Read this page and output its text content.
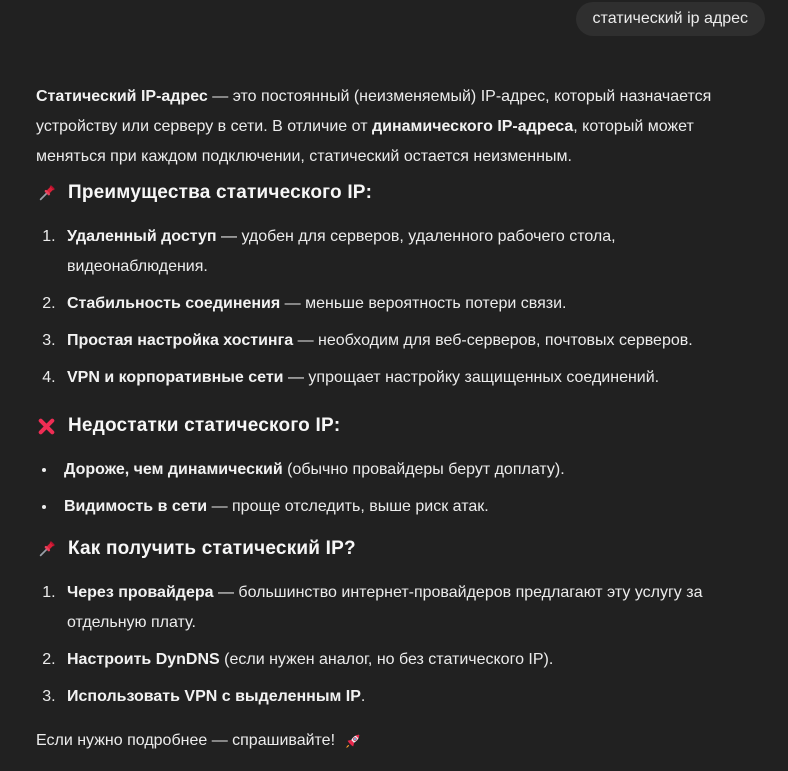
статический ip адрес

Статический IP-адрес — это постоянный (неизменяемый) IP-адрес, который назначается устройству или серверу в сети. В отличие от динамического IP-адреса, который может меняться при каждом подключении, статический остается неизменным.

Преимущества статического IP:
1. Удаленный доступ — удобен для серверов, удаленного рабочего стола, видеонаблюдения.
2. Стабильность соединения — меньше вероятность потери связи.
3. Простая настройка хостинга — необходим для веб-серверов, почтовых серверов.
4. VPN и корпоративные сети — упрощает настройку защищенных соединений.
Недостатки статического IP:
• Дороже, чем динамический (обычно провайдеры берут доплату).
• Видимость в сети — проще отследить, выше риск атак.
Как получить статический IP?
1. Через провайдера — большинство интернет-провайдеров предлагают эту услугу за отдельную плату.
2. Настроить DynDNS (если нужен аналог, но без статического IP).
3. Использовать VPN с выделенным IP.

Если нужно подробнее — спрашивайте!
